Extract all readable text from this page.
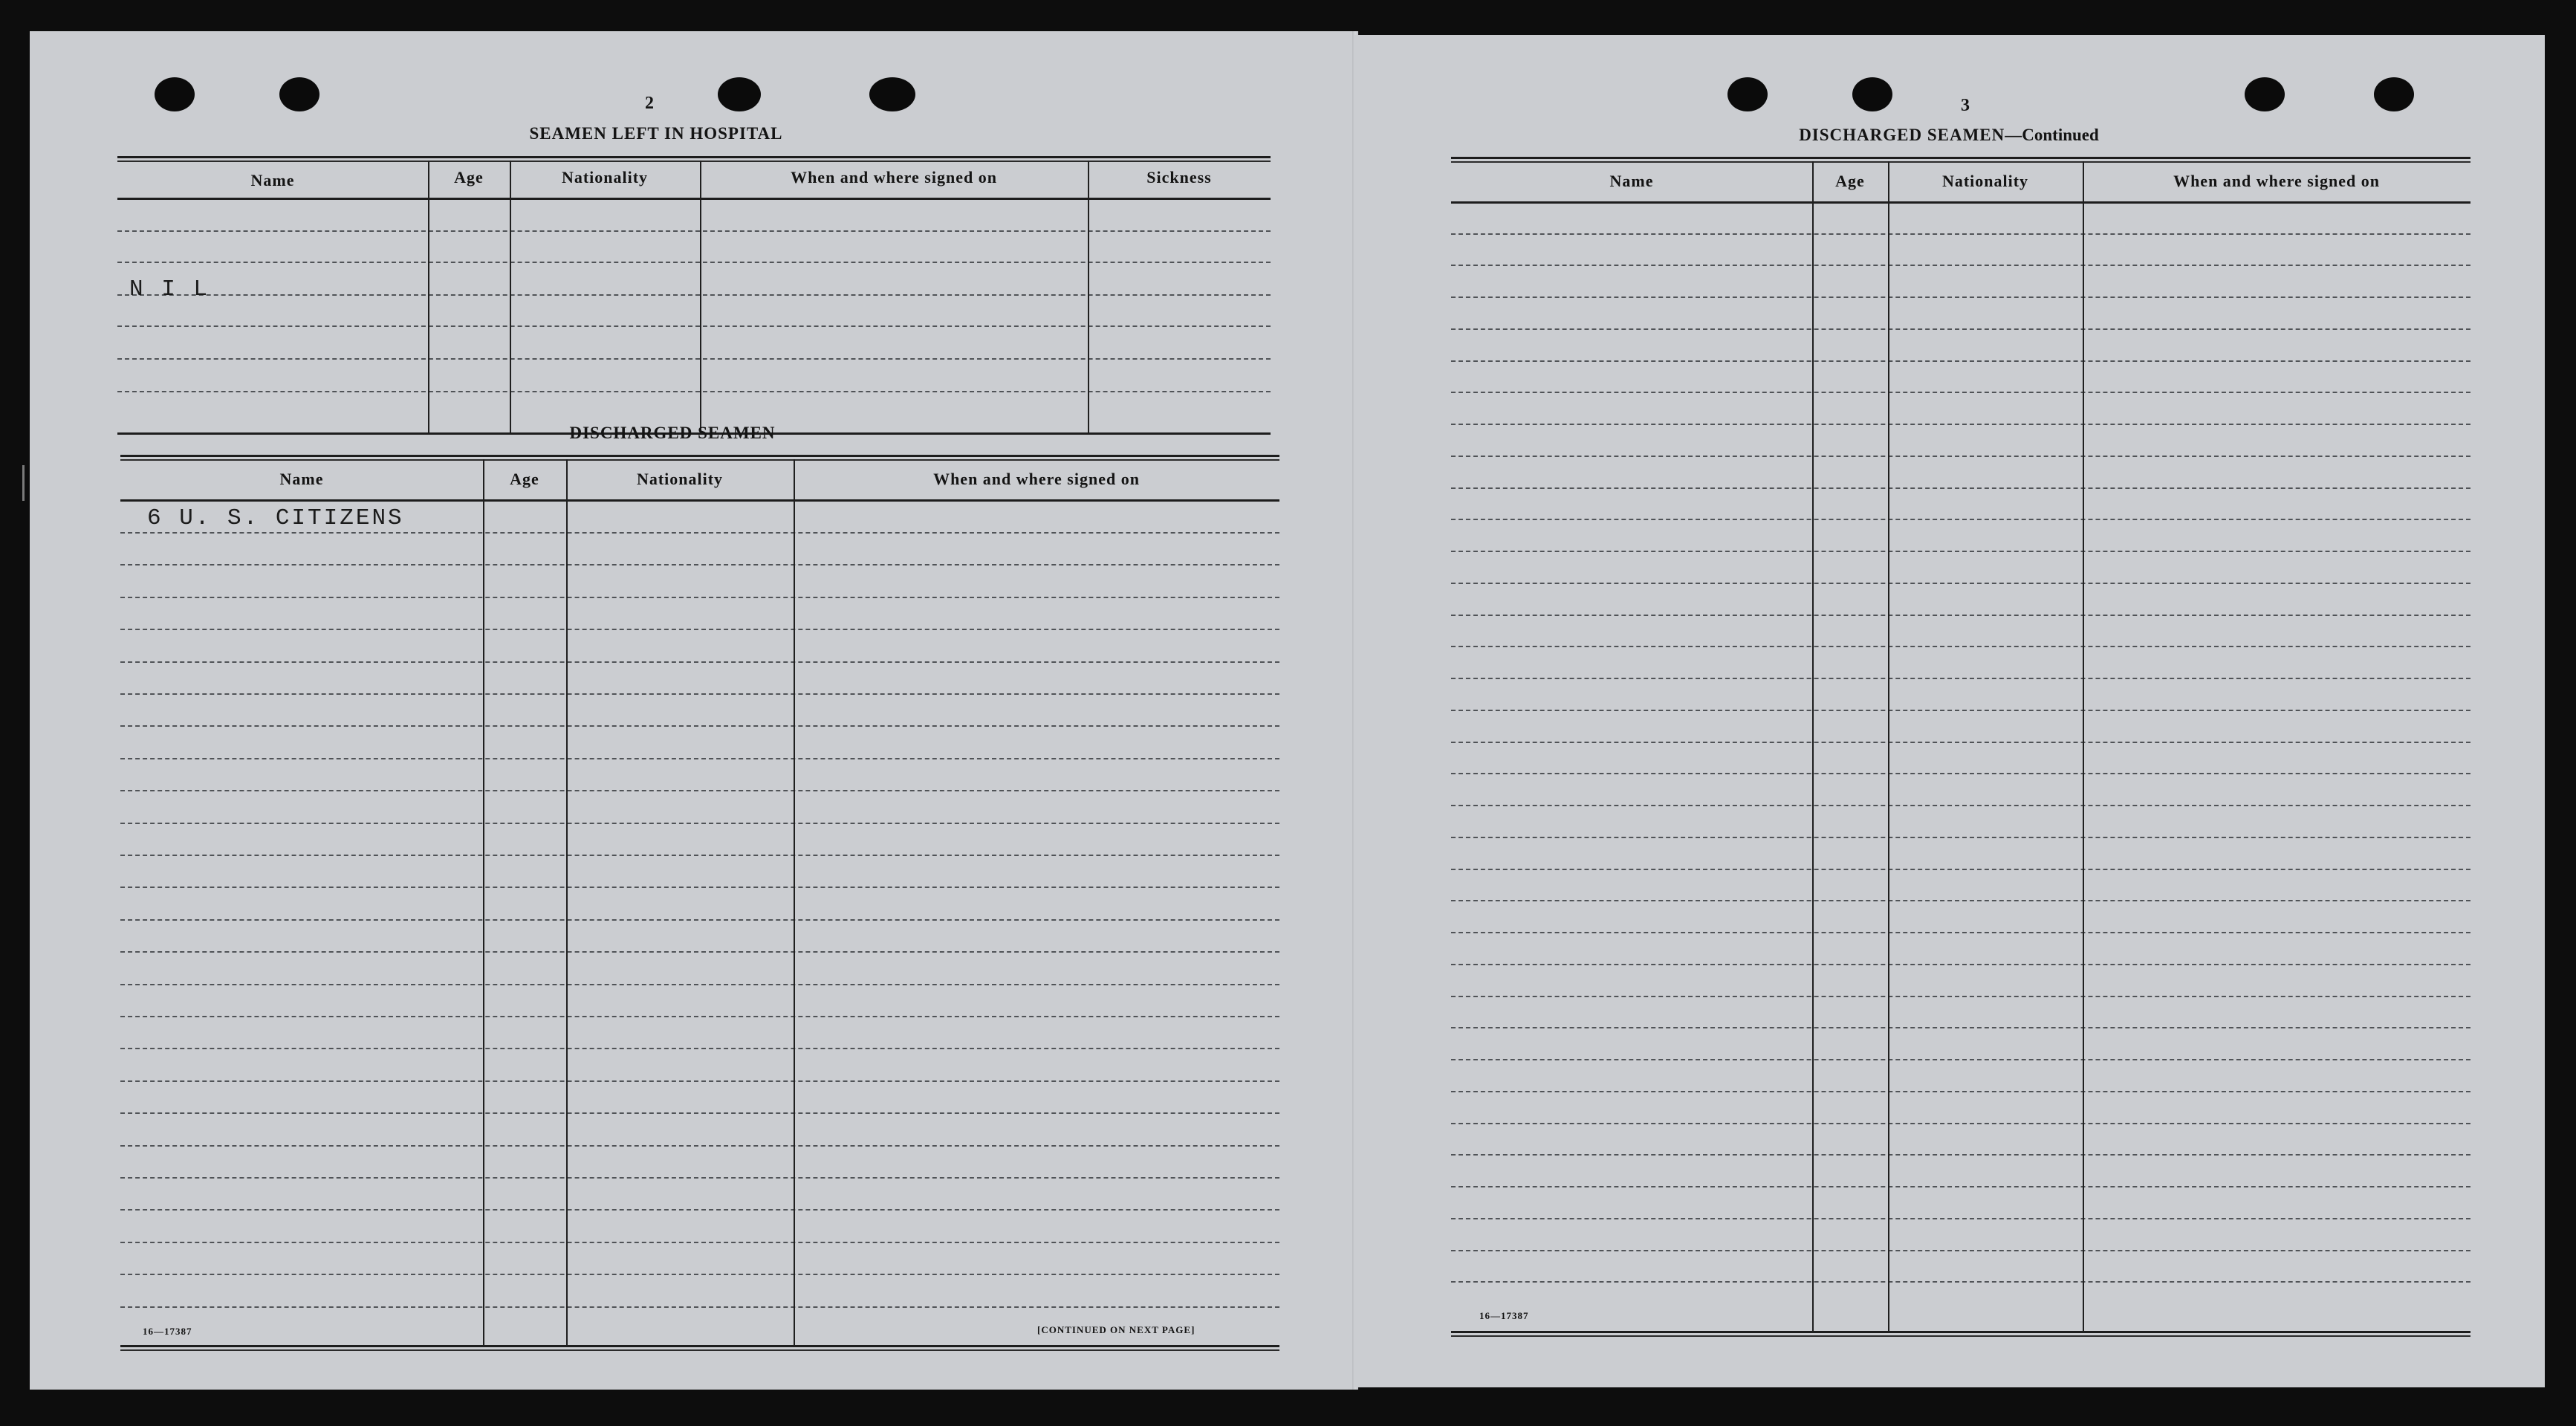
2
SEAMEN LEFT IN HOSPITAL
Name	Age	Nationality	When and where signed on	Sickness
N I L
DISCHARGED SEAMEN
Name	Age	Nationality	When and where signed on
6 U. S. CITIZENS
16—17387	[CONTINUED ON NEXT PAGE]
3
DISCHARGED SEAMEN—Continued
Name	Age	Nationality	When and where signed on
16—17387
